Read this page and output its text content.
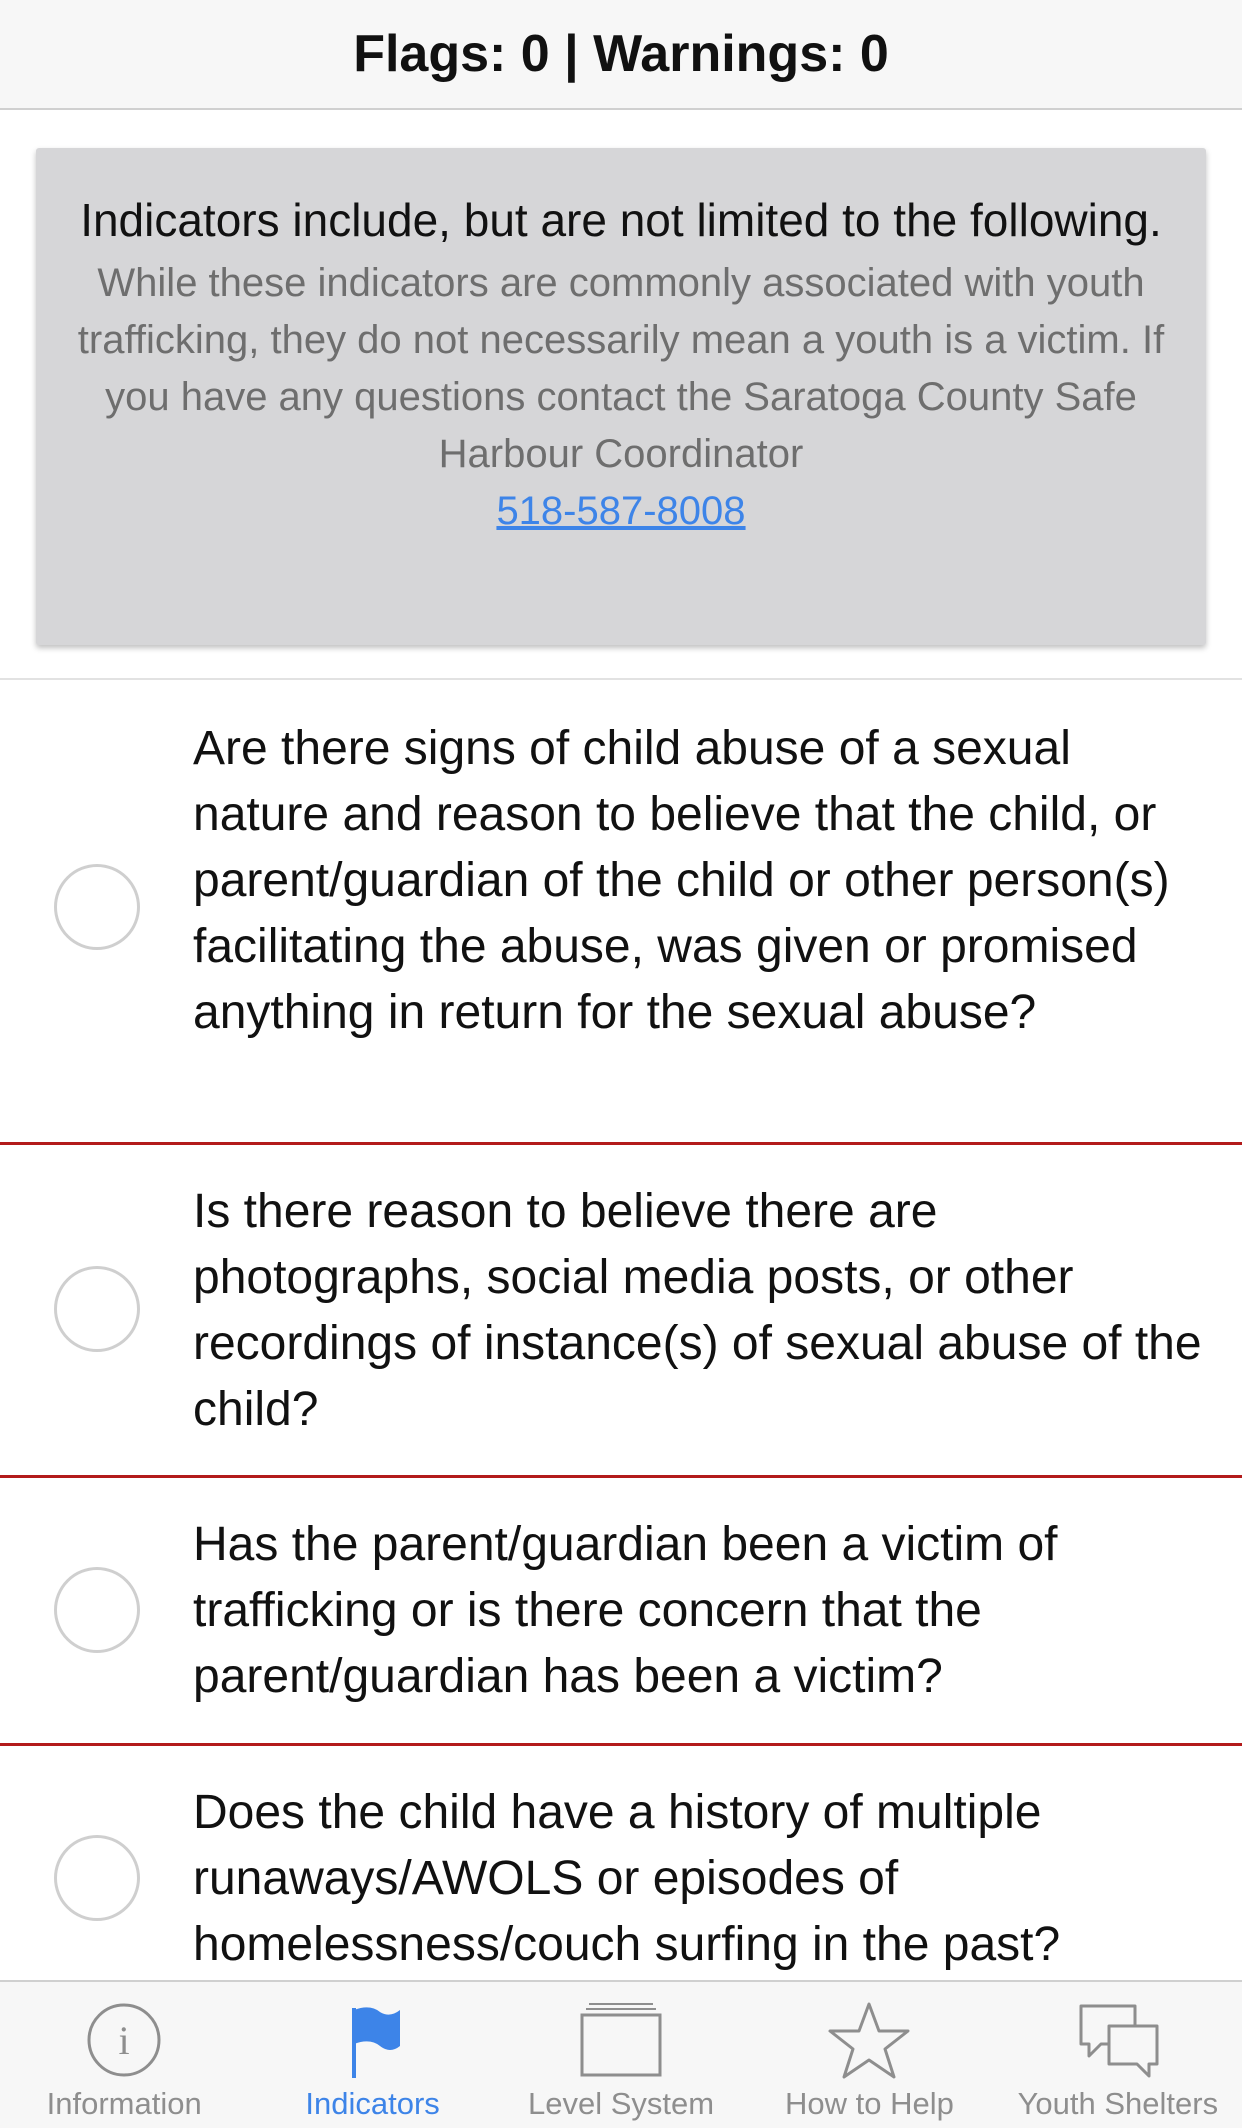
Flags: 0 | Warnings: 0

Indicators include, but are not limited to the following.

While these indicators are commonly associated with youth trafficking, they do not necessarily mean a youth is a victim. If you have any questions contact the Saratoga County Safe Harbour Coordinator

518-587-8008
Are there signs of child abuse of a sexual nature and reason to believe that the child, or parent/guardian of the child or other person(s) facilitating the abuse, was given or promised anything in return for the sexual abuse?
Is there reason to believe there are photographs, social media posts, or other recordings of instance(s) of sexual abuse of the child?
Has the parent/guardian been a victim of trafficking or is there concern that the parent/guardian has been a victim?
Does the child have a history of multiple runaways/AWOLS or episodes of homelessness/couch surfing in the past?
i
Information	Indicators	Level System	How to Help	Youth Shelters
